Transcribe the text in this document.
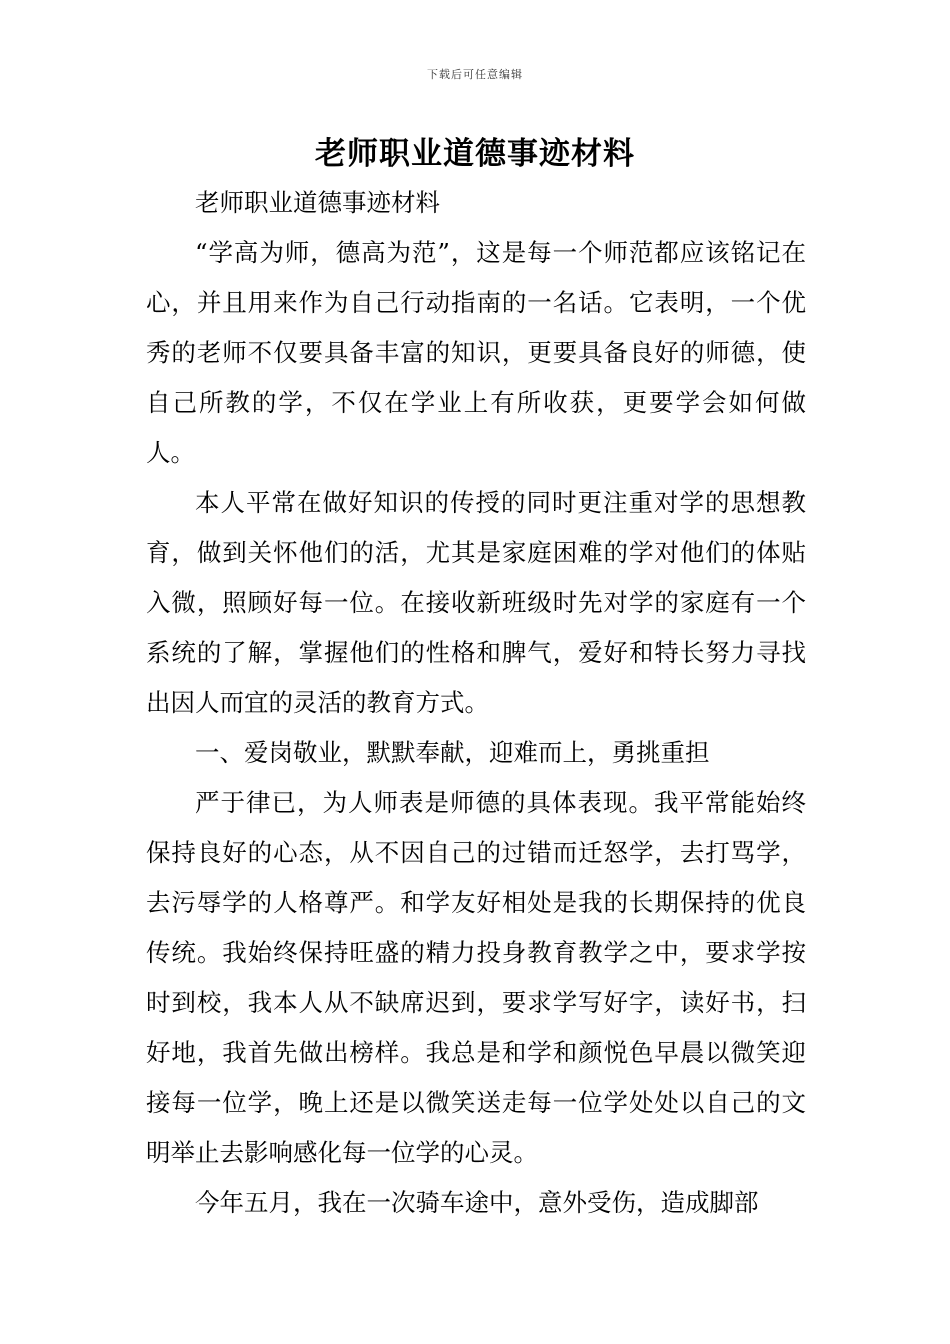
下载后可任意编辑
老师职业道德事迹材料

老师职业道德事迹材料

“学高为师，德高为范”，这是每一个师范都应该铭记在心，并且用来作为自己行动指南的一名话。它表明，一个优秀的老师不仅要具备丰富的知识，更要具备良好的师德，使自己所教的学，不仅在学业上有所收获，更要学会如何做人。

本人平常在做好知识的传授的同时更注重对学的思想教育，做到关怀他们的活，尤其是家庭困难的学对他们的体贴入微，照顾好每一位。在接收新班级时先对学的家庭有一个系统的了解，掌握他们的性格和脾气，爱好和特长努力寻找出因人而宜的灵活的教育方式。

一、爱岗敬业，默默奉献，迎难而上，勇挑重担

严于律已，为人师表是师德的具体表现。我平常能始终保持良好的心态，从不因自己的过错而迁怒学，去打骂学，去污辱学的人格尊严。和学友好相处是我的长期保持的优良传统。我始终保持旺盛的精力投身教育教学之中，要求学按时到校，我本人从不缺席迟到，要求学写好字，读好书，扫好地，我首先做出榜样。我总是和学和颜悦色早晨以微笑迎接每一位学，晚上还是以微笑送走每一位学处处以自己的文明举止去影响感化每一位学的心灵。

今年五月，我在一次骑车途中，意外受伤，造成脚部
